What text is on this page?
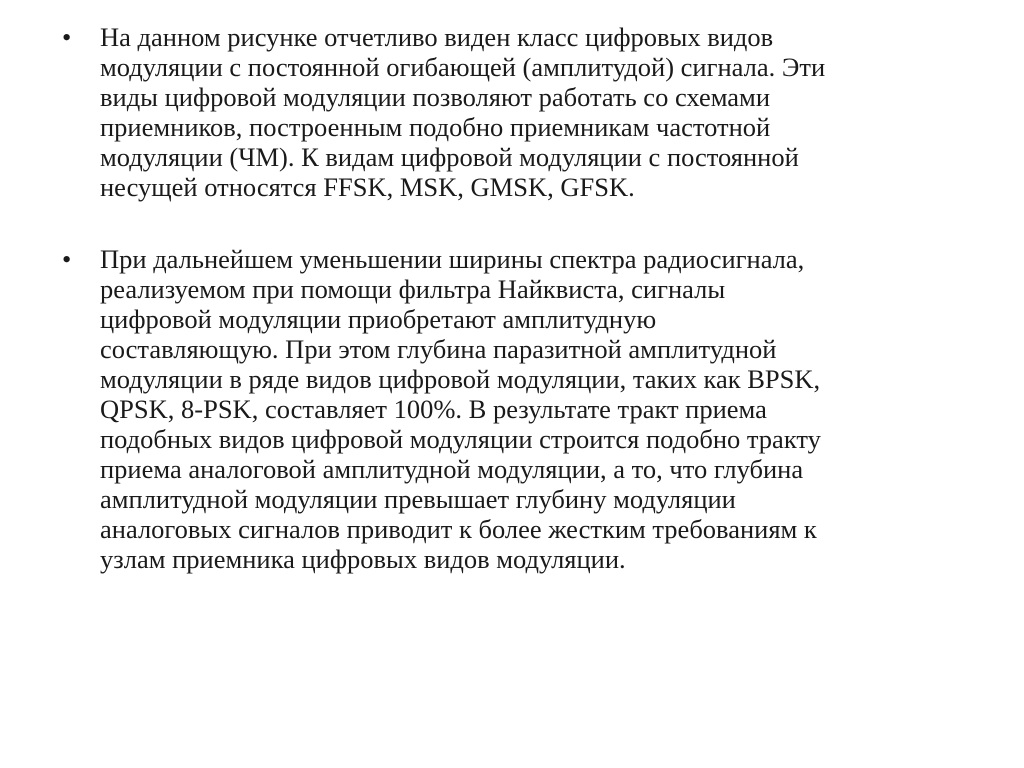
•	На данном рисунке отчетливо виден класс цифровых видов
модуляции с постоянной огибающей (амплитудой) сигнала. Эти
виды цифровой модуляции позволяют работать со схемами
приемников, построенным подобно приемникам частотной
модуляции (ЧМ). К видам цифровой модуляции с постоянной
несущей относятся FFSK, MSK, GMSK, GFSK.
•	При дальнейшем уменьшении ширины спектра радиосигнала,
реализуемом при помощи фильтра Найквиста, сигналы
цифровой модуляции приобретают амплитудную
составляющую. При этом глубина паразитной амплитудной
модуляции в ряде видов цифровой модуляции, таких как BPSK,
QPSK, 8-PSK, составляет 100%. В результате тракт приема
подобных видов цифровой модуляции строится подобно тракту
приема аналоговой амплитудной модуляции, а то, что глубина
амплитудной модуляции превышает глубину модуляции
аналоговых сигналов приводит к более жестким требованиям к
узлам приемника цифровых видов модуляции.
